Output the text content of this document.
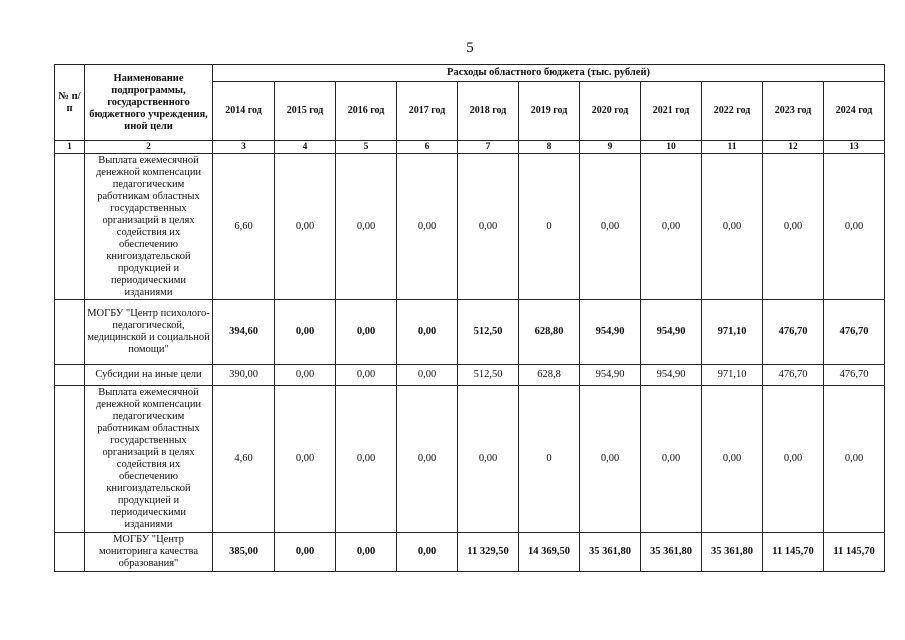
5
№ п/ п	Наименование подпрограммы, государственного бюджетного учреждения, иной цели	Расходы областного бюджета (тыс. рублей)										
		2014 год	2015 год	2016 год	2017 год	2018 год	2019 год	2020 год	2021 год	2022 год	2023 год	2024 год
1	2	3	4	5	6	7	8	9	10	11	12	13
	Выплата ежемесячной денежной компенсации педагогическим работникам областных государственных организаций в целях содействия их обеспечению книгоиздательской продукцией и периодическими изданиями	6,60	0,00	0,00	0,00	0,00	0	0,00	0,00	0,00	0,00	0,00
	МОГБУ "Центр психолого-педагогической, медицинской и социальной помощи"	394,60	0,00	0,00	0,00	512,50	628,80	954,90	954,90	971,10	476,70	476,70
	Субсидии на иные цели	390,00	0,00	0,00	0,00	512,50	628,8	954,90	954,90	971,10	476,70	476,70
	Выплата ежемесячной денежной компенсации педагогическим работникам областных государственных организаций в целях содействия их обеспечению книгоиздательской продукцией и периодическими изданиями	4,60	0,00	0,00	0,00	0,00	0	0,00	0,00	0,00	0,00	0,00
	МОГБУ "Центр мониторинга качества образования"	385,00	0,00	0,00	0,00	11 329,50	14 369,50	35 361,80	35 361,80	35 361,80	11 145,70	11 145,70
